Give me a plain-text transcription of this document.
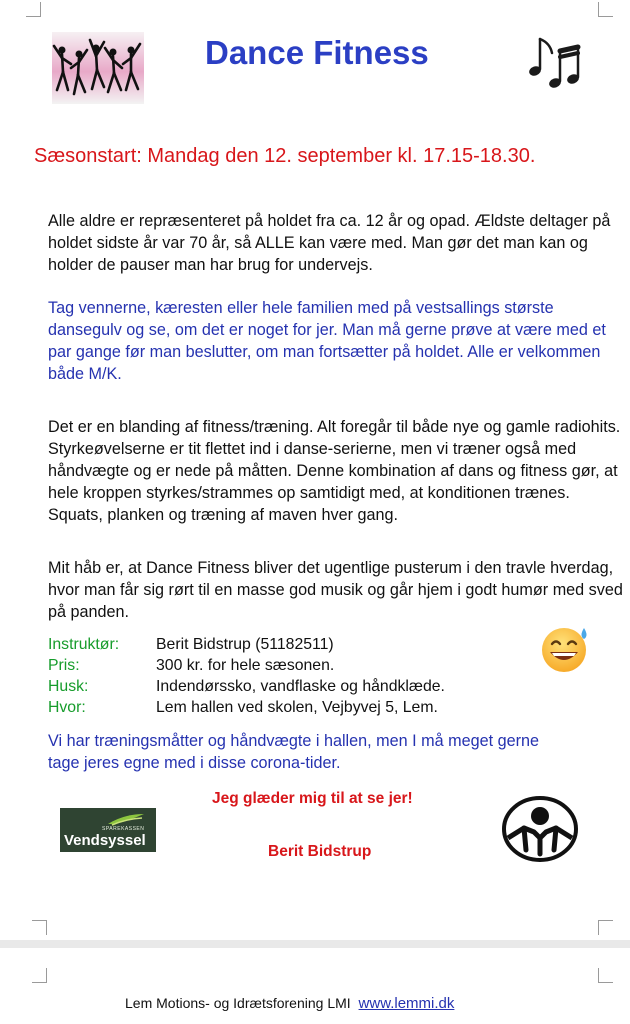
Dance Fitness
Sæsonstart: Mandag den 12. september kl. 17.15-18.30.
Alle aldre er repræsenteret på holdet fra ca. 12 år og opad. Ældste deltager på holdet sidste år var 70 år, så ALLE kan være med. Man gør det man kan og holder de pauser man har brug for undervejs.
Tag vennerne, kæresten eller hele familien med på vestsallings største dansegulv og se, om det er noget for jer. Man må gerne prøve at være med et par gange før man beslutter, om man fortsætter på holdet. Alle er velkommen både M/K.
Det er en blanding af fitness/træning. Alt foregår til både nye og gamle radiohits. Styrkeøvelserne er tit flettet ind i danse-serierne, men vi træner også med håndvægte og er nede på måtten. Denne kombination af dans og fitness gør, at hele kroppen styrkes/strammes op samtidigt med, at konditionen trænes. Squats, planken og træning af maven hver gang.
Mit håb er, at Dance Fitness bliver det ugentlige pusterum i den travle hverdag, hvor man får sig rørt til en masse god musik og går hjem i godt humør med sved på panden.
Instruktør: Berit Bidstrup (51182511)
Pris:	300 kr. for hele sæsonen.
Husk:	Indendørssko, vandflaske og håndklæde.
Hvor:	Lem hallen ved skolen, Vejbyvej 5, Lem.
Vi har træningsmåtter og håndvægte i hallen, men I må meget gerne tage jeres egne med i disse corona-tider.
SPAREKASSEN
Vendsyssel
Jeg glæder mig til at se jer!
Berit Bidstrup
Lem Motions- og Idrætsforening LMI www.lemmi.dk
